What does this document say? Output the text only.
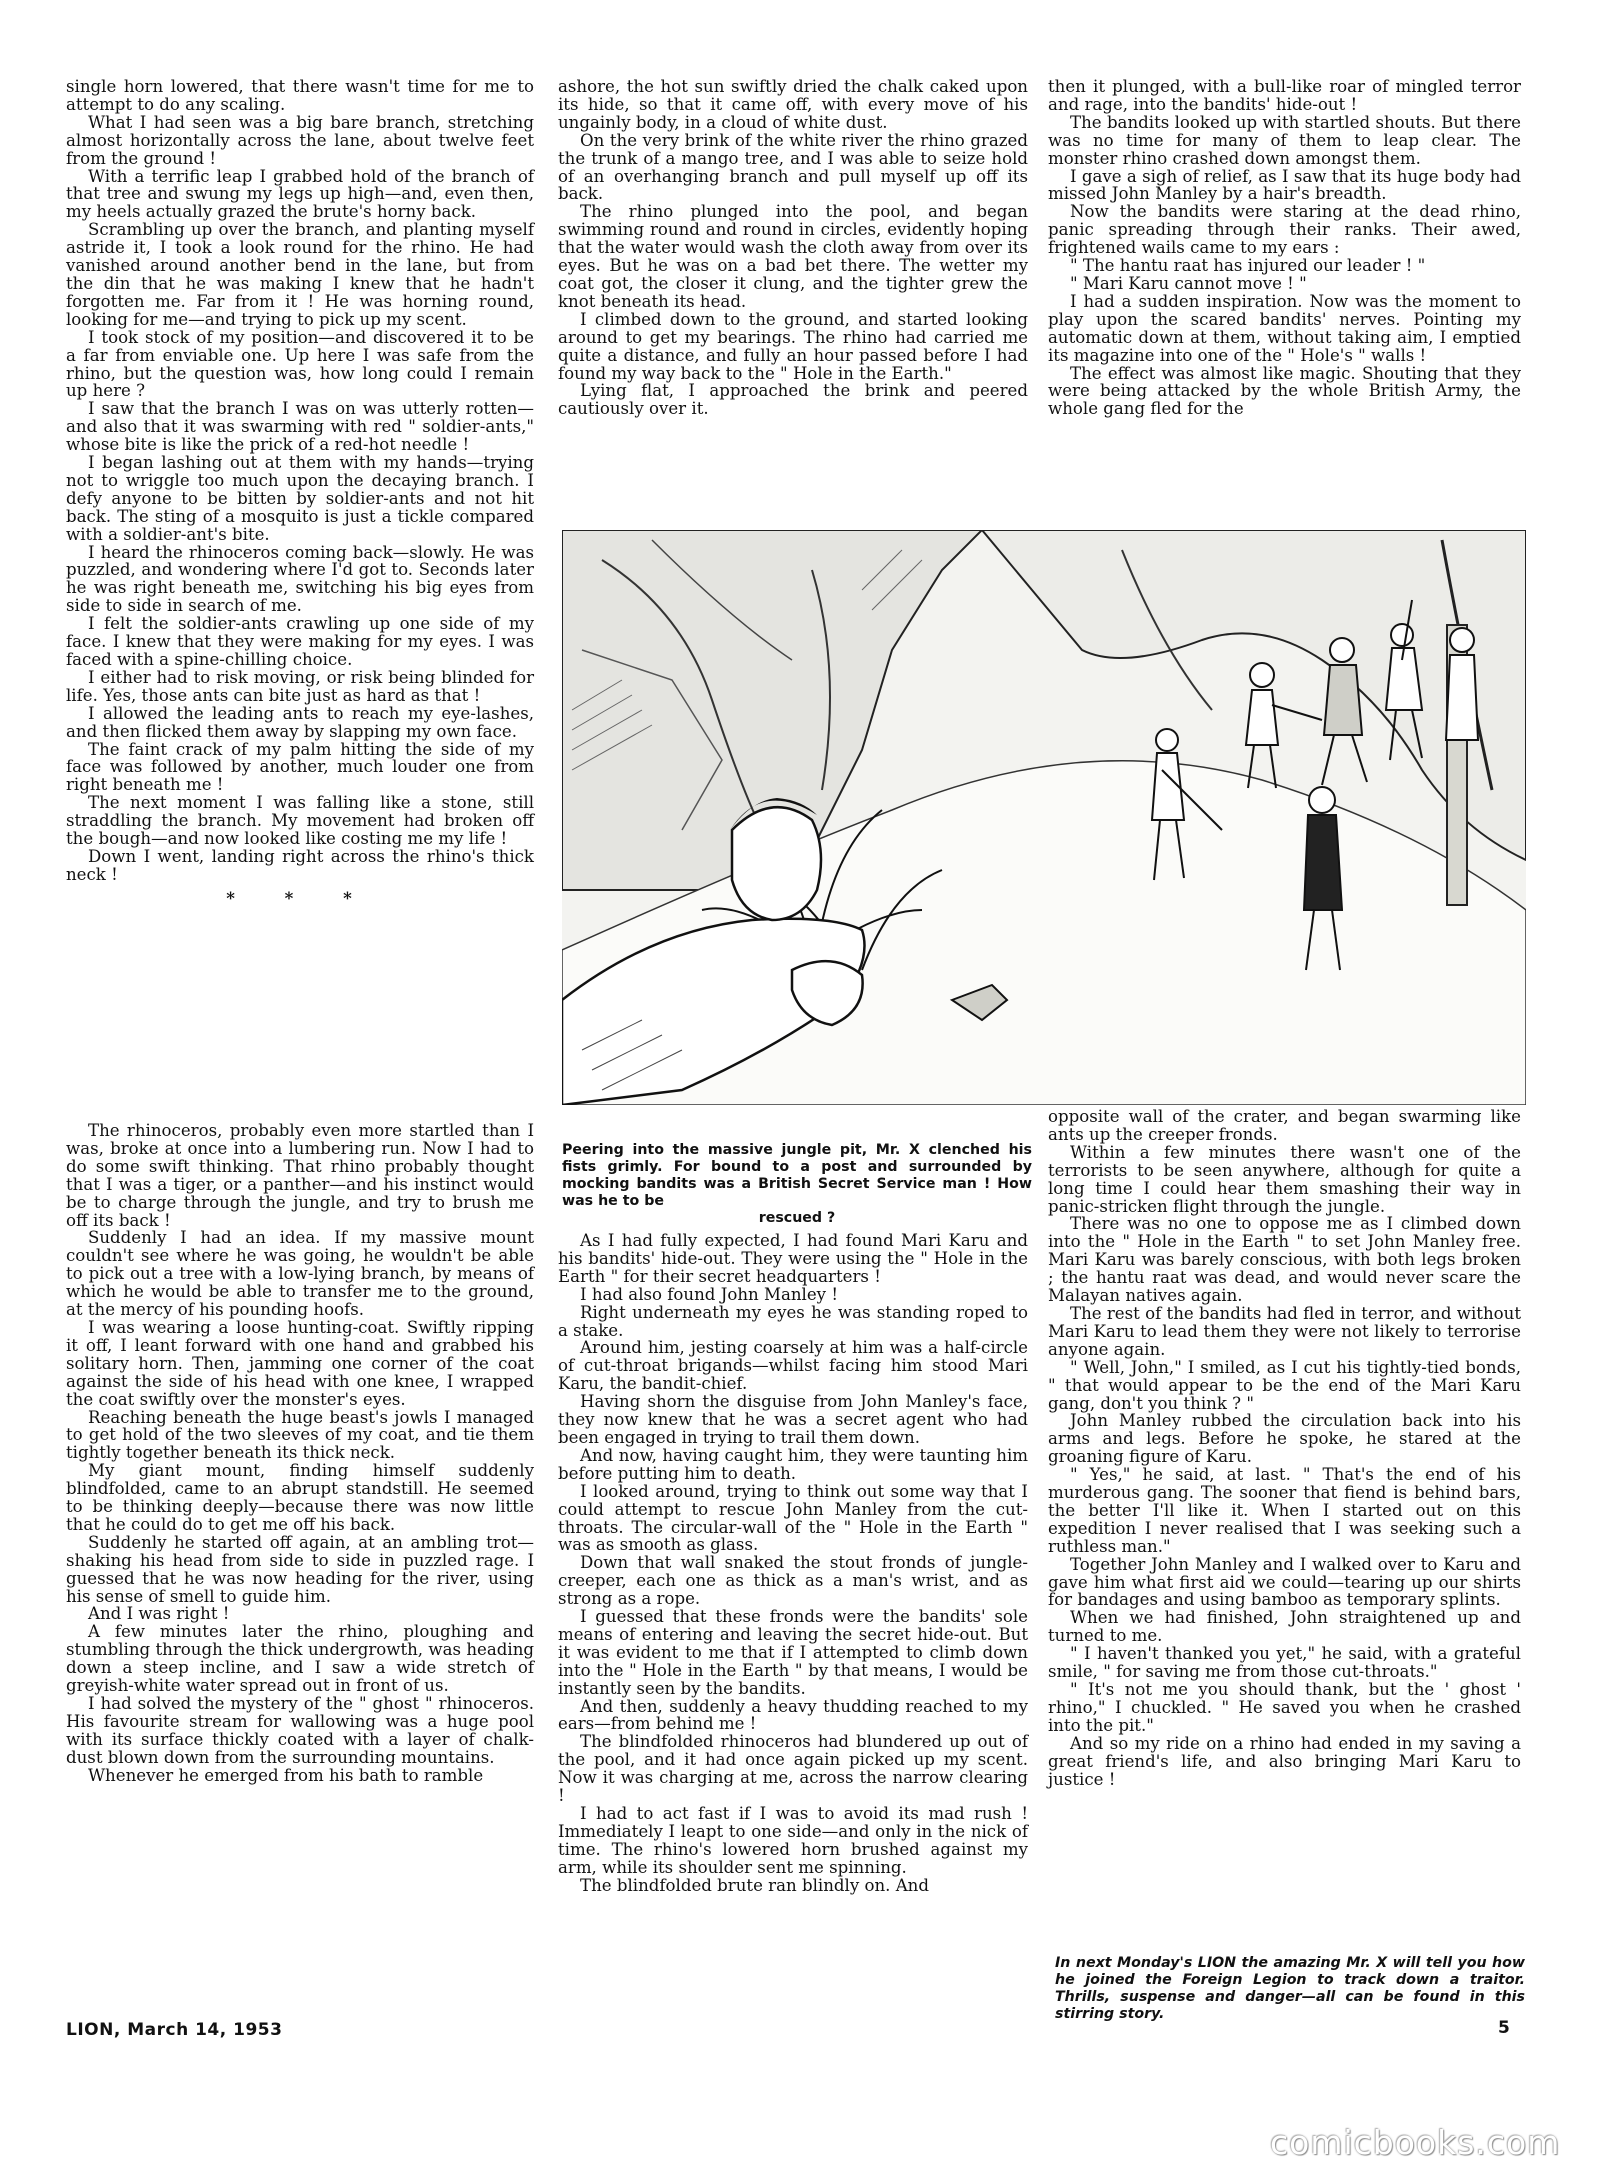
single horn lowered, that there wasn't time for me to attempt to do any scaling.

What I had seen was a big bare branch, stretching almost horizontally across the lane, about twelve feet from the ground !

With a terrific leap I grabbed hold of the branch of that tree and swung my legs up high—and, even then, my heels actually grazed the brute's horny back.

Scrambling up over the branch, and planting myself astride it, I took a look round for the rhino. He had vanished around another bend in the lane, but from the din that he was making I knew that he hadn't forgotten me. Far from it ! He was horning round, looking for me—and trying to pick up my scent.

I took stock of my position—and discovered it to be a far from enviable one. Up here I was safe from the rhino, but the question was, how long could I remain up here ?

I saw that the branch I was on was utterly rotten—and also that it was swarming with red " soldier-ants," whose bite is like the prick of a red-hot needle !

I began lashing out at them with my hands—trying not to wriggle too much upon the decaying branch. I defy anyone to be bitten by soldier-ants and not hit back. The sting of a mosquito is just a tickle compared with a soldier-ant's bite.

I heard the rhinoceros coming back—slowly. He was puzzled, and wondering where I'd got to. Seconds later he was right beneath me, switching his big eyes from side to side in search of me.

I felt the soldier-ants crawling up one side of my face. I knew that they were making for my eyes. I was faced with a spine-chilling choice.

I either had to risk moving, or risk being blinded for life. Yes, those ants can bite just as hard as that !

I allowed the leading ants to reach my eye-lashes, and then flicked them away by slapping my own face.

The faint crack of my palm hitting the side of my face was followed by another, much louder one from right beneath me !

The next moment I was falling like a stone, still straddling the branch. My movement had broken off the bough—and now looked like costing me my life !

Down I went, landing right across the rhino's thick neck !

* * *

The rhinoceros, probably even more startled than I was, broke at once into a lumbering run. Now I had to do some swift thinking. That rhino probably thought that I was a tiger, or a panther—and his instinct would be to charge through the jungle, and try to brush me off its back !

Suddenly I had an idea. If my massive mount couldn't see where he was going, he wouldn't be able to pick out a tree with a low-lying branch, by means of which he would be able to transfer me to the ground, at the mercy of his pounding hoofs.

I was wearing a loose hunting-coat. Swiftly ripping it off, I leant forward with one hand and grabbed his solitary horn. Then, jamming one corner of the coat against the side of his head with one knee, I wrapped the coat swiftly over the monster's eyes.

Reaching beneath the huge beast's jowls I managed to get hold of the two sleeves of my coat, and tie them tightly together beneath its thick neck.

My giant mount, finding himself suddenly blindfolded, came to an abrupt standstill. He seemed to be thinking deeply—because there was now little that he could do to get me off his back.

Suddenly he started off again, at an ambling trot—shaking his head from side to side in puzzled rage. I guessed that he was now heading for the river, using his sense of smell to guide him.

And I was right !

A few minutes later the rhino, ploughing and stumbling through the thick undergrowth, was heading down a steep incline, and I saw a wide stretch of greyish-white water spread out in front of us.

I had solved the mystery of the " ghost " rhinoceros. His favourite stream for wallowing was a huge pool with its surface thickly coated with a layer of chalk-dust blown down from the surrounding mountains.

Whenever he emerged from his bath to ramble

ashore, the hot sun swiftly dried the chalk caked upon its hide, so that it came off, with every move of his ungainly body, in a cloud of white dust.

On the very brink of the white river the rhino grazed the trunk of a mango tree, and I was able to seize hold of an overhanging branch and pull myself up off its back.

The rhino plunged into the pool, and began swimming round and round in circles, evidently hoping that the water would wash the cloth away from over its eyes. But he was on a bad bet there. The wetter my coat got, the closer it clung, and the tighter grew the knot beneath its head.

I climbed down to the ground, and started looking around to get my bearings. The rhino had carried me quite a distance, and fully an hour passed before I had found my way back to the " Hole in the Earth."

Lying flat, I approached the brink and peered cautiously over it.

then it plunged, with a bull-like roar of mingled terror and rage, into the bandits' hide-out !

The bandits looked up with startled shouts. But there was no time for many of them to leap clear. The monster rhino crashed down amongst them.

I gave a sigh of relief, as I saw that its huge body had missed John Manley by a hair's breadth.

Now the bandits were staring at the dead rhino, panic spreading through their ranks. Their awed, frightened wails came to my ears :

" The hantu raat has injured our leader ! "

" Mari Karu cannot move ! "

I had a sudden inspiration. Now was the moment to play upon the scared bandits' nerves. Pointing my automatic down at them, without taking aim, I emptied its magazine into one of the " Hole's " walls !

The effect was almost like magic. Shouting that they were being attacked by the whole British Army, the whole gang fled for the

Peering into the massive jungle pit, Mr. X clenched his fists grimly. For bound to a post and surrounded by mocking bandits was a British Secret Service man ! How was he to be
rescued ?

As I had fully expected, I had found Mari Karu and his bandits' hide-out. They were using the " Hole in the Earth " for their secret headquarters !

I had also found John Manley !

Right underneath my eyes he was standing roped to a stake.

Around him, jesting coarsely at him was a half-circle of cut-throat brigands—whilst facing him stood Mari Karu, the bandit-chief.

Having shorn the disguise from John Manley's face, they now knew that he was a secret agent who had been engaged in trying to trail them down.

And now, having caught him, they were taunting him before putting him to death.

I looked around, trying to think out some way that I could attempt to rescue John Manley from the cut-throats. The circular-wall of the " Hole in the Earth " was as smooth as glass.

Down that wall snaked the stout fronds of jungle-creeper, each one as thick as a man's wrist, and as strong as a rope.

I guessed that these fronds were the bandits' sole means of entering and leaving the secret hide-out. But it was evident to me that if I attempted to climb down into the " Hole in the Earth " by that means, I would be instantly seen by the bandits.

And then, suddenly a heavy thudding reached to my ears—from behind me !

The blindfolded rhinoceros had blundered up out of the pool, and it had once again picked up my scent. Now it was charging at me, across the narrow clearing !

I had to act fast if I was to avoid its mad rush ! Immediately I leapt to one side—and only in the nick of time. The rhino's lowered horn brushed against my arm, while its shoulder sent me spinning.

The blindfolded brute ran blindly on. And

opposite wall of the crater, and began swarming like ants up the creeper fronds.

Within a few minutes there wasn't one of the terrorists to be seen anywhere, although for quite a long time I could hear them smashing their way in panic-stricken flight through the jungle.

There was no one to oppose me as I climbed down into the " Hole in the Earth " to set John Manley free. Mari Karu was barely conscious, with both legs broken ; the hantu raat was dead, and would never scare the Malayan natives again.

The rest of the bandits had fled in terror, and without Mari Karu to lead them they were not likely to terrorise anyone again.

" Well, John," I smiled, as I cut his tightly-tied bonds, " that would appear to be the end of the Mari Karu gang, don't you think ? "

John Manley rubbed the circulation back into his arms and legs. Before he spoke, he stared at the groaning figure of Karu.

" Yes," he said, at last. " That's the end of his murderous gang. The sooner that fiend is behind bars, the better I'll like it. When I started out on this expedition I never realised that I was seeking such a ruthless man."

Together John Manley and I walked over to Karu and gave him what first aid we could—tearing up our shirts for bandages and using bamboo as temporary splints.

When we had finished, John straightened up and turned to me.

" I haven't thanked you yet," he said, with a grateful smile, " for saving me from those cut-throats."

" It's not me you should thank, but the ' ghost ' rhino," I chuckled. " He saved you when he crashed into the pit."

And so my ride on a rhino had ended in my saving a great friend's life, and also bringing Mari Karu to justice !

In next Monday's LION the amazing Mr. X will tell you how he joined the Foreign Legion to track down a traitor. Thrills, suspense and danger—all can be found in this stirring story.
LION, March 14, 1953	5
comicbooks.com
